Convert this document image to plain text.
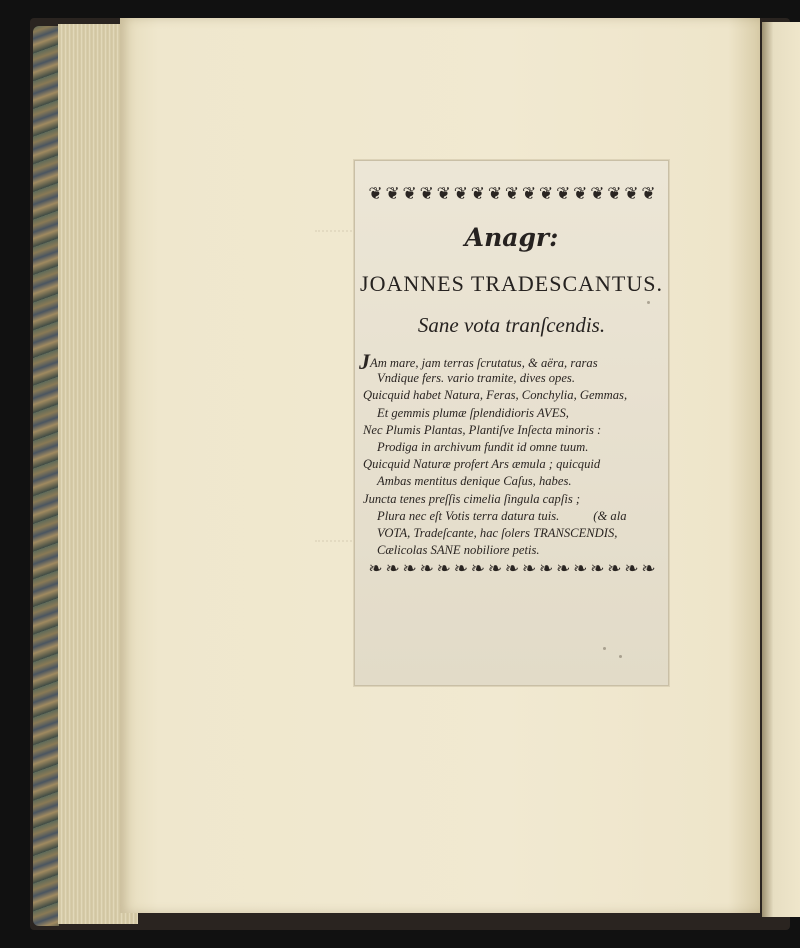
❦ ❦ ❦ ❦ ❦ ❦ ❦ ❦ ❦ ❦ ❦ ❦ ❦ ❦ ❦ ❦ ❦
Anagr:
JOANNES TRADESCANTUS.
Sane vota tranſcendis.
JAm mare, jam terras ſcrutatus, & aëra, raras
Vndique fers. vario tramite, dives opes.
Quicquid habet Natura, Feras, Conchylia, Gemmas,
Et gemmis plumæ ſplendidioris AVES,
Nec Plumis Plantas, Plantiſve Inſecta minoris :
Prodiga in archivum fundit id omne tuum.
Quicquid Naturæ profert Ars æmula ; quicquid
Ambas mentitus denique Caſus, habes.
Juncta tenes preſſis cimelia ſingula capſis ;
Plura nec eſt Votis terra datura tuis.	(& ala
VOTA, Tradeſcante, hac ſolers TRANSCENDIS,
Cælicolas SANE nobiliore petis.
❧ ❧ ❧ ❧ ❧ ❧ ❧ ❧ ❧ ❧ ❧ ❧ ❧ ❧ ❧ ❧ ❧
